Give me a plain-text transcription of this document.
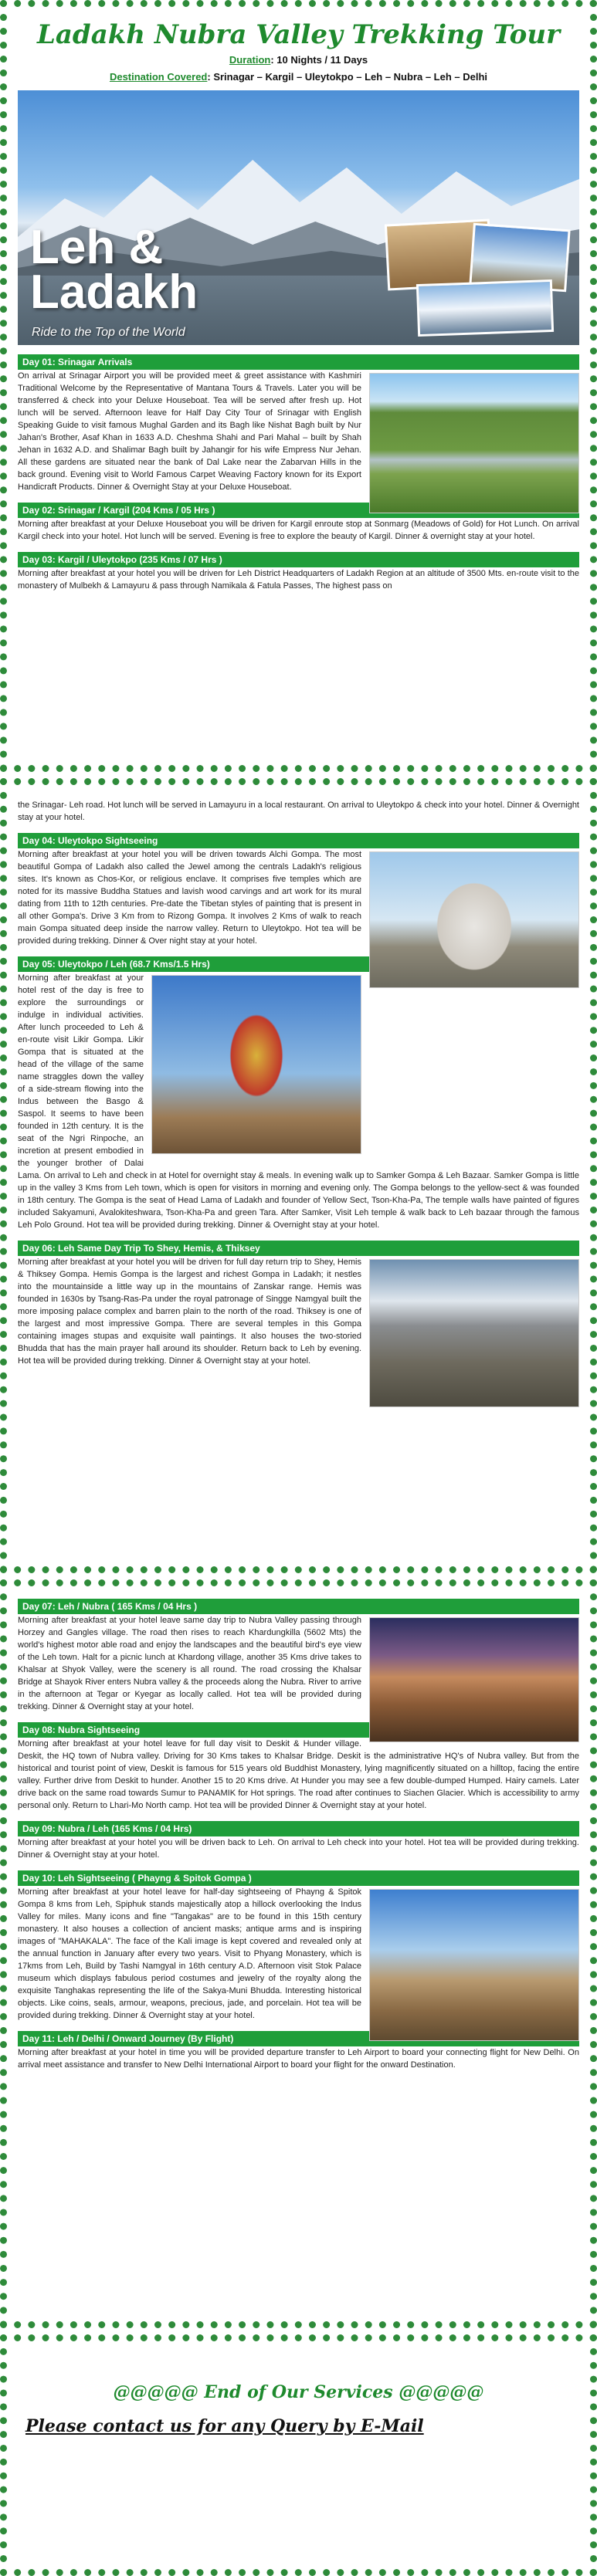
Ladakh Nubra Valley Trekking Tour
Duration: 10 Nights / 11 Days
Destination Covered: Srinagar – Kargil – Uleytokpo – Leh – Nubra – Leh – Delhi
Leh &
Ladakh
Ride to the Top of the World
Day 01: Srinagar Arrivals

On arrival at Srinagar Airport you will be provided meet & greet assistance with Kashmiri Traditional Welcome by the Representative of Mantana Tours & Travels. Later you will be transferred & check into your Deluxe Houseboat. Tea will be served after fresh up. Hot lunch will be served. Afternoon leave for Half Day City Tour of Srinagar with English Speaking Guide to visit famous Mughal Garden and its Bagh like Nishat Bagh built by Nur Jahan's Brother, Asaf Khan in 1633 A.D. Cheshma Shahi and Pari Mahal – built by Shah Jehan in 1632 A.D. and Shalimar Bagh built by Jahangir for his wife Empress Nur Jehan. All these gardens are situated near the bank of Dal Lake near the Zabarvan Hills in the back ground. Evening visit to World Famous Carpet Weaving Factory known for its Export Handicraft Products. Dinner & Overnight Stay at your Deluxe Houseboat.

Day 02: Srinagar / Kargil (204 Kms / 05 Hrs )

Morning after breakfast at your Deluxe Houseboat you will be driven for Kargil enroute stop at Sonmarg (Meadows of Gold) for Hot Lunch. On arrival Kargil check into your hotel. Hot lunch will be served. Evening is free to explore the beauty of Kargil. Dinner & overnight stay at your hotel.

Day 03: Kargil / Uleytokpo (235 Kms / 07 Hrs )

Morning after breakfast at your hotel you will be driven for Leh District Headquarters of Ladakh Region at an altitude of 3500 Mts. en-route visit to the monastery of Mulbekh & Lamayuru & pass through Namikala & Fatula Passes, The highest pass on

the Srinagar- Leh road. Hot lunch will be served in Lamayuru in a local restaurant. On arrival to Uleytokpo & check into your hotel. Dinner & Overnight stay at your hotel.

Day 04: Uleytokpo Sightseeing

Morning after breakfast at your hotel you will be driven towards Alchi Gompa. The most beautiful Gompa of Ladakh also called the Jewel among the centrals Ladakh's religious sites. It's known as Chos-Kor, or religious enclave. It comprises five temples which are noted for its massive Buddha Statues and lavish wood carvings and art work for its mural dating from 11th to 12th centuries. Pre-date the Tibetan styles of painting that is present in all other Gompa's. Drive 3 Km from to Rizong Gompa. It involves 2 Kms of walk to reach main Gompa situated deep inside the narrow valley. Return to Uleytokpo. Hot tea will be provided during trekking. Dinner & Over night stay at your hotel.

Day 05: Uleytokpo / Leh (68.7 Kms/1.5 Hrs)

Morning after breakfast at your hotel rest of the day is free to explore the surroundings or indulge in individual activities. After lunch proceeded to Leh & en-route visit Likir Gompa. Likir Gompa that is situated at the head of the village of the same name straggles down the valley of a side-stream flowing into the Indus between the Basgo & Saspol. It seems to have been founded in 12th century. It is the seat of the Ngri Rinpoche, an incretion at present embodied in the younger brother of Dalai Lama. On arrival to Leh and check in at Hotel for overnight stay & meals. In evening walk up to Samker Gompa & Leh Bazaar. Samker Gompa is little up in the valley 3 Kms from Leh town, which is open for visitors in morning and evening only. The Gompa belongs to the yellow-sect & was founded in 18th century. The Gompa is the seat of Head Lama of Ladakh and founder of Yellow Sect, Tson-Kha-Pa, The temple walls have painted of figures included Sakyamuni, Avalokiteshwara, Tson-Kha-Pa and green Tara. After Samker, Visit Leh temple & walk back to Leh bazaar through the famous Leh Polo Ground. Hot tea will be provided during trekking. Dinner & Overnight stay at your hotel.

Day 06: Leh Same Day Trip To Shey, Hemis, & Thiksey

Morning after breakfast at your hotel you will be driven for full day return trip to Shey, Hemis & Thiksey Gompa. Hemis Gompa is the largest and richest Gompa in Ladakh; it nestles into the mountainside a little way up in the mountains of Zanskar range. Hemis was founded in 1630s by Tsang-Ras-Pa under the royal patronage of Singge Namgyal built the more imposing palace complex and barren plain to the north of the road. Thiksey is one of the largest and most impressive Gompa. There are several temples in this Gompa containing images stupas and exquisite wall paintings. It also houses the two-storied Bhudda that has the main prayer hall around its shoulder. Return back to Leh by evening. Hot tea will be provided during trekking. Dinner & Overnight stay at your hotel.

Day 07: Leh / Nubra ( 165 Kms / 04 Hrs )

Morning after breakfast at your hotel leave same day trip to Nubra Valley passing through Horzey and Gangles village. The road then rises to reach Khardungkilla (5602 Mts) the world's highest motor able road and enjoy the landscapes and the beautiful bird's eye view of the Leh town. Halt for a picnic lunch at Khardong village, another 35 Kms drive takes to Khalsar at Shyok Valley, were the scenery is all round. The road crossing the Khalsar Bridge at Shayok River enters Nubra valley & the proceeds along the Nubra. River to arrive in the afternoon at Tegar or Kyegar as locally called. Hot tea will be provided during trekking. Dinner & Overnight stay at your hotel.

Day 08: Nubra Sightseeing

Morning after breakfast at your hotel leave for full day visit to Deskit & Hunder village. Deskit, the HQ town of Nubra valley. Driving for 30 Kms takes to Khalsar Bridge. Deskit is the administrative HQ's of Nubra valley. But from the historical and tourist point of view, Deskit is famous for 515 years old Buddhist Monastery, lying magnificently situated on a hilltop, facing the entire valley. Further drive from Deskit to hunder. Another 15 to 20 Kms drive. At Hunder you may see a few double-dumped Humped. Hairy camels. Later drive back on the same road towards Sumur to PANAMIK for Hot springs. The road after continues to Siachen Glacier. Which is accessibility to army personal only. Return to Lhari-Mo North camp. Hot tea will be provided Dinner & Overnight stay at your hotel.

Day 09: Nubra / Leh (165 Kms / 04 Hrs)

Morning after breakfast at your hotel you will be driven back to Leh. On arrival to Leh check into your hotel. Hot tea will be provided during trekking. Dinner & Overnight stay at your hotel.

Day 10: Leh Sightseeing ( Phayng & Spitok Gompa )

Morning after breakfast at your hotel leave for half-day sightseeing of Phayng & Spitok Gompa 8 kms from Leh, Spiphuk stands majestically atop a hillock overlooking the Indus Valley for miles. Many icons and fine "Tangakas" are to be found in this 15th century monastery. It also houses a collection of ancient masks; antique arms and is inspiring images of "MAHAKALA". The face of the Kali image is kept covered and revealed only at the annual function in January after every two years. Visit to Phyang Monastery, which is 17kms from Leh, Build by Tashi Namgyal in 16th century A.D. Afternoon visit Stok Palace museum which displays fabulous period costumes and jewelry of the royalty along the exquisite Tanghakas representing the life of the Sakya-Muni Bhudda. Interesting historical objects. Like coins, seals, armour, weapons, precious, jade, and porcelain. Hot tea will be provided during trekking. Dinner & Overnight stay at your hotel.

Day 11: Leh / Delhi / Onward Journey (By Flight)

Morning after breakfast at your hotel in time you will be provided departure transfer to Leh Airport to board your connecting flight for New Delhi. On arrival meet assistance and transfer to New Delhi International Airport to board your flight for the onward Destination.

@@@@@ End of Our Services @@@@@
Please contact us for any Query by E-Mail
